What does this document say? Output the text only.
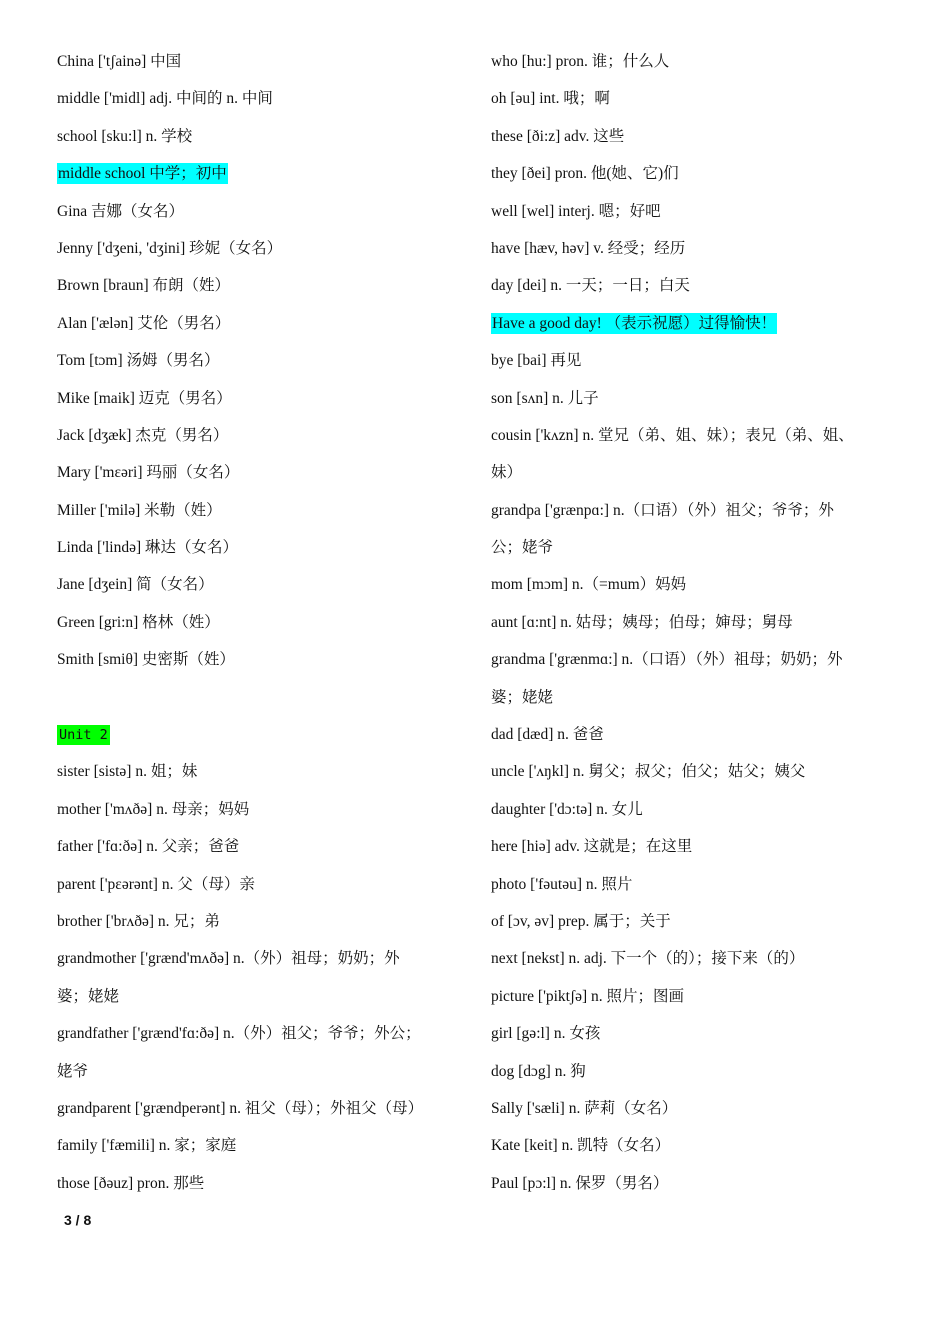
China ['tʃainə] 中国
middle ['midl] adj. 中间的 n. 中间
school [sku:l] n. 学校
middle school 中学；初中
Gina 吉娜（女名）
Jenny ['dʒeni, 'dʒini] 珍妮（女名）
Brown [braun] 布朗（姓）
Alan ['ælən] 艾伦（男名）
Tom [tɔm] 汤姆（男名）
Mike [maik] 迈克（男名）
Jack [dʒæk] 杰克（男名）
Mary ['mɛəri] 玛丽（女名）
Miller ['milə] 米勒（姓）
Linda ['lində] 琳达（女名）
Jane [dʒein] 简（女名）
Green [gri:n] 格林（姓）
Smith [smiθ] 史密斯（姓）
Unit 2
sister [sistə] n. 姐；妹
mother ['mʌðə] n. 母亲；妈妈
father ['fɑ:ðə] n. 父亲；爸爸
parent ['pɛərənt] n. 父（母）亲
brother ['brʌðə] n. 兄；弟
grandmother ['grænd'mʌðə] n.（外）祖母；奶奶；外
婆；姥姥
grandfather ['grænd'fɑ:ðə] n.（外）祖父；爷爷；外公；
姥爷
grandparent ['grændperənt] n. 祖父（母）；外祖父（母）
family ['fæmili] n. 家；家庭
those [ðəuz] pron. 那些
who [hu:] pron. 谁；什么人
oh [əu] int. 哦；啊
these [ði:z] adv. 这些
they [ðei] pron. 他(她、它)们
well [wel] interj. 嗯；好吧
have [hæv, həv] v. 经受；经历
day [dei] n. 一天；一日；白天
Have a good day! （表示祝愿）过得愉快！
bye [bai] 再见
son [sʌn] n. 儿子
cousin ['kʌzn] n. 堂兄（弟、姐、妹）；表兄（弟、姐、
妹）
grandpa ['grænpɑ:] n.（口语）（外）祖父；爷爷；外
公；姥爷
mom [mɔm] n.（=mum）妈妈
aunt [ɑ:nt] n. 姑母；姨母；伯母；婶母；舅母
grandma ['grænmɑ:] n.（口语）（外）祖母；奶奶；外
婆；姥姥
dad [dæd] n. 爸爸
uncle ['ʌŋkl] n. 舅父；叔父；伯父；姑父；姨父
daughter ['dɔ:tə] n. 女儿
here [hiə] adv. 这就是；在这里
photo ['fəutəu] n. 照片
of [ɔv, əv] prep. 属于；关于
next [nekst] n. adj. 下一个（的）；接下来（的）
picture ['piktʃə] n. 照片；图画
girl [gə:l] n. 女孩
dog [dɔg] n. 狗
Sally ['sæli] n. 萨莉（女名）
Kate [keit] n. 凯特（女名）
Paul [pɔ:l] n. 保罗（男名）
3 / 8
